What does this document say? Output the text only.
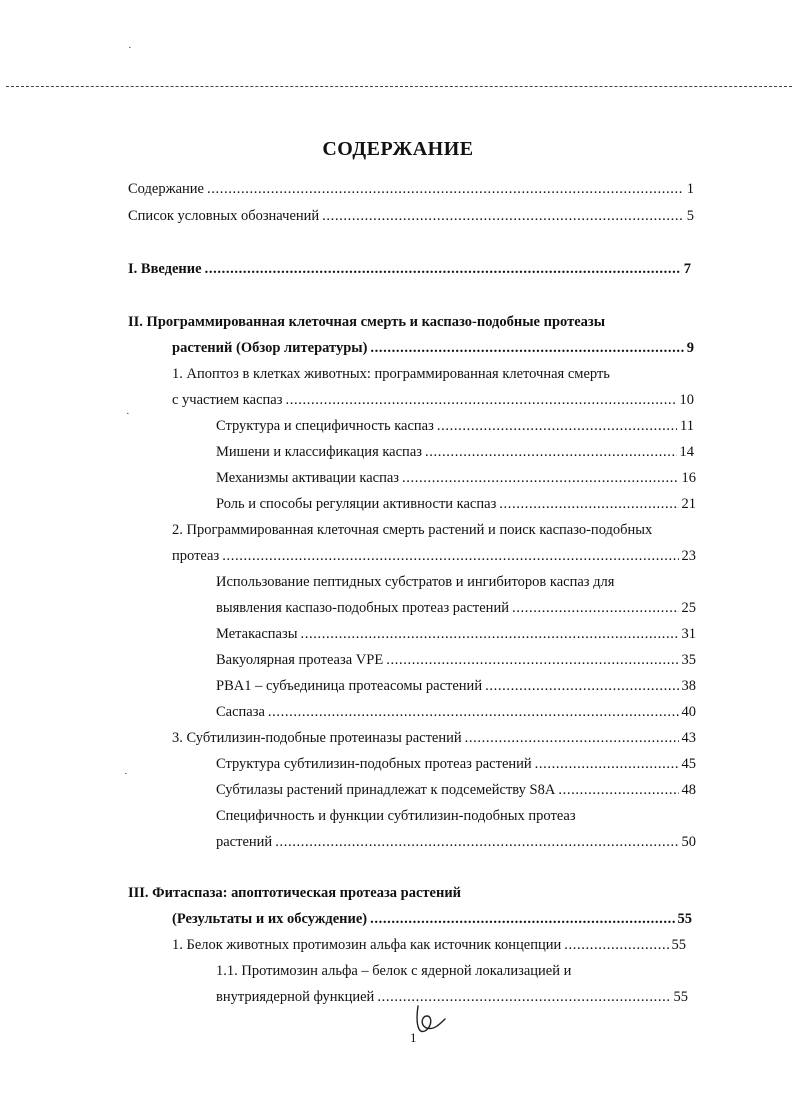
·
СОДЕРЖАНИЕ
Содержание . . .	1
Список условных обозначений . . .	5
I. Введение . . .	7
II. Программированная клеточная смерть и каспазо-подобные протеазы
растений (Обзор литературы) . . .	9
1. Апоптоз в клетках животных: программированная клеточная смерть
с участием каспаз . . .	10
·
Структура и специфичность каспаз . . .	11
Мишени и классификация каспаз . . .	14
Механизмы активации каспаз . . .	16
Роль и способы регуляции активности каспаз . . .	21
2. Программированная клеточная смерть растений и поиск каспазо-подобных
протеаз . . .	23
Использование пептидных субстратов и ингибиторов каспаз для
выявления каспазо-подобных протеаз растений . . .	25
Метакаспазы . . .	31
Вакуолярная протеаза VPE . . .	35
PBA1 – субъединица протеасомы растений . . .	38
Саспаза . . .	40
3. Субтилизин-подобные протеиназы растений . . .	43
Структура субтилизин-подобных протеаз растений . . .	45
·
Субтилазы растений принадлежат к подсемейству S8A . . .	48
Специфичность и функции субтилизин-подобных протеаз
растений . . .	50
III. Фитаспаза: апоптотическая протеаза растений
(Результаты и их обсуждение) . . .	55
1. Белок животных протимозин альфа как источник концепции . . .	55
1.1. Протимозин альфа – белок с ядерной локализацией и
внутриядерной функцией . . .	55
1
